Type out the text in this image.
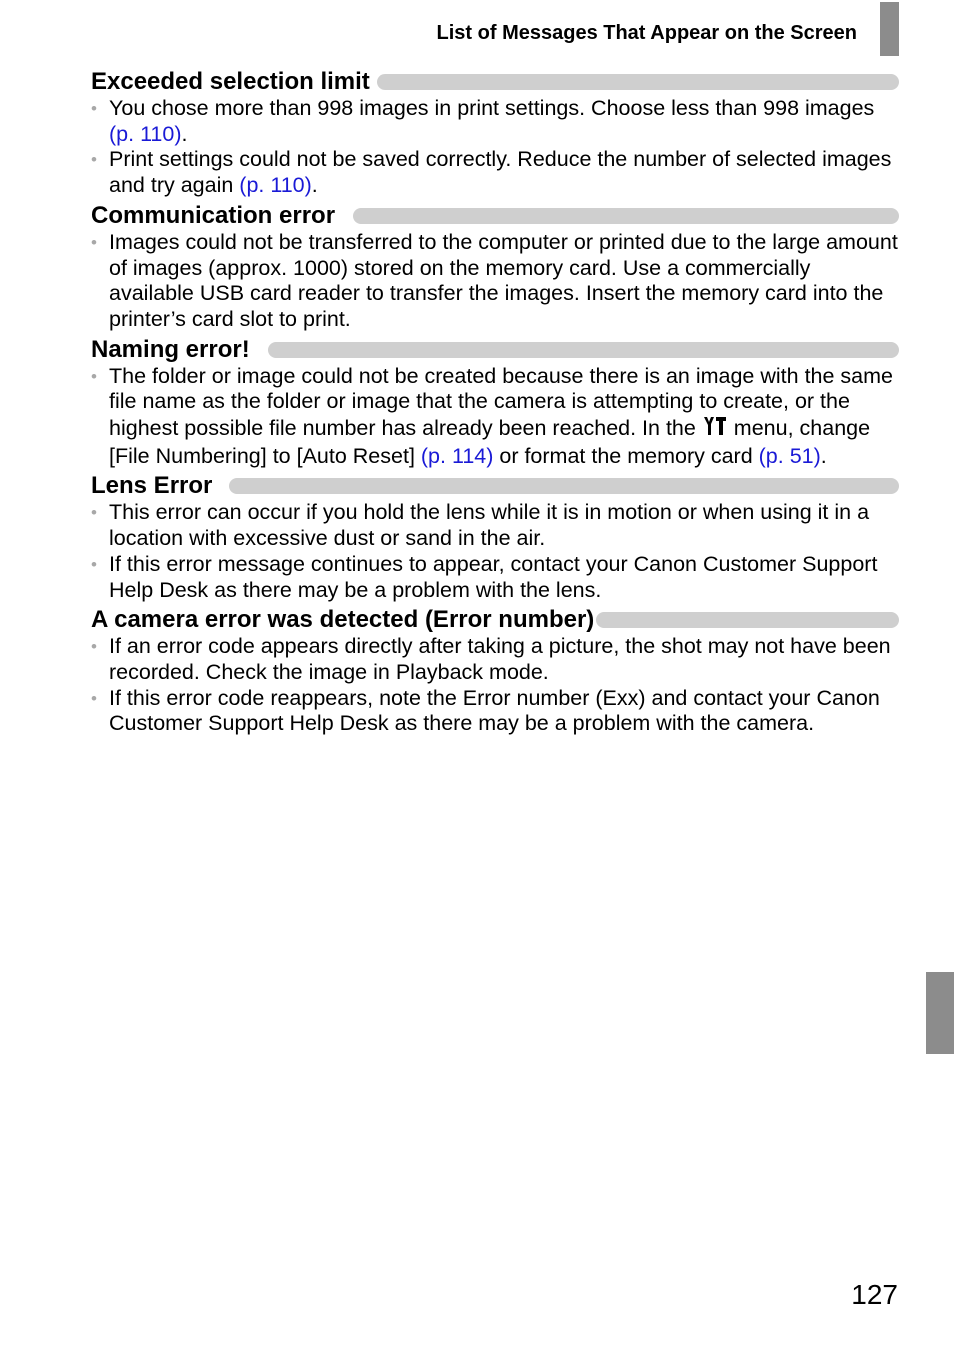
List of Messages That Appear on the Screen
Exceeded selection limit
• You chose more than 998 images in print settings. Choose less than 998 images (p. 110).
• Print settings could not be saved correctly. Reduce the number of selected images and try again (p. 110).
Communication error
• Images could not be transferred to the computer or printed due to the large amount of images (approx. 1000) stored on the memory card. Use a commercially available USB card reader to transfer the images. Insert the memory card into the printer’s card slot to print.
Naming error!
• The folder or image could not be created because there is an image with the same file name as the folder or image that the camera is attempting to create, or the highest possible file number has already been reached. In the  menu, change [File Numbering] to [Auto Reset] (p. 114) or format the memory card (p. 51).
Lens Error
• This error can occur if you hold the lens while it is in motion or when using it in a location with excessive dust or sand in the air.
• If this error message continues to appear, contact your Canon Customer Support Help Desk as there may be a problem with the lens.
A camera error was detected (Error number)
• If an error code appears directly after taking a picture, the shot may not have been recorded. Check the image in Playback mode.
• If this error code reappears, note the Error number (Exx) and contact your Canon Customer Support Help Desk as there may be a problem with the camera.
127
